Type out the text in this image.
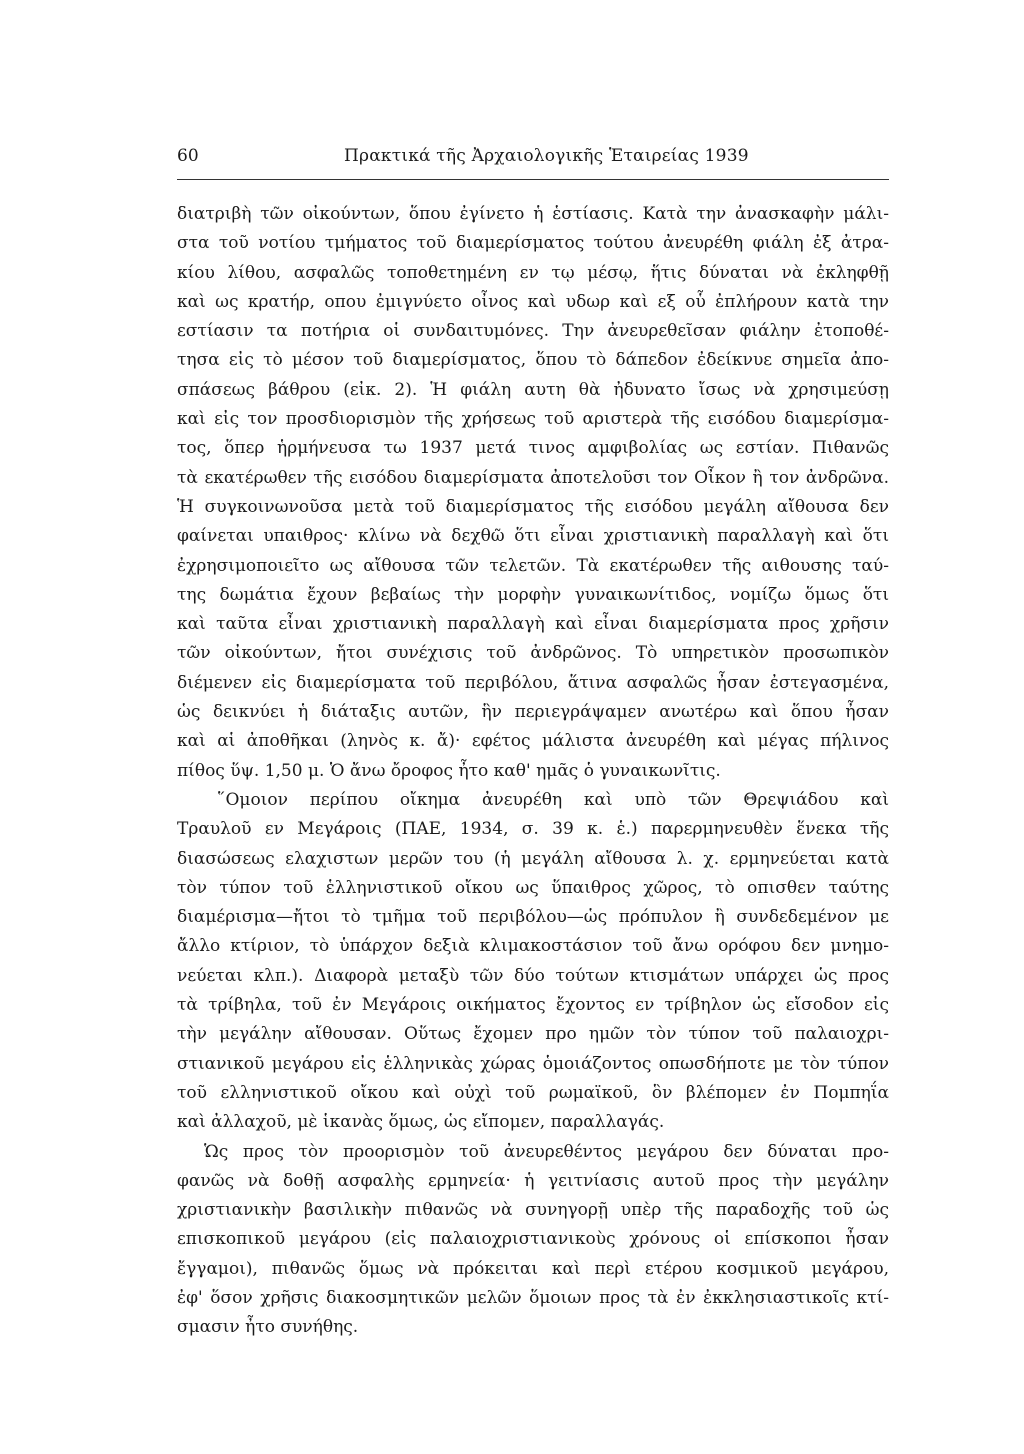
60	Πρακτικά τῆς Ἀρχαιολογικῆς Ἑταιρείας 1939
διατριβὴ τῶν οἰκούντων, ὅπου ἐγίνετο ἡ ἑστίασις. Κατὰ την ἀνασκαφὴν μάλι-
στα τοῦ νοτίου τμήματος τοῦ διαμερίσματος τούτου ἀνευρέθη φιάλη ἐξ ἀτρα-
κίου λίθου, ασφαλῶς τοποθετημένη εν τῳ μέσῳ, ἥτις δύναται νὰ ἐκληφθῇ
καὶ ως κρατήρ, οπου ἐμιγνύετο οἶνος καὶ υδωρ καὶ εξ οὗ ἐπλήρουν κατὰ την
εστίασιν τα ποτήρια οἱ συνδαιτυμόνες. Την ἀνευρεθεῖσαν φιάλην ἐτοποθέ-
τησα εἰς τὸ μέσον τοῦ διαμερίσματος, ὅπου τὸ δάπεδον ἐδείκνυε σημεῖα ἀπο-
σπάσεως βάθρου (εἰκ. 2). Ἡ φιάλη αυτη θὰ ἠδυνατο ἴσως νὰ χρησιμεύσῃ
καὶ εἰς τον προσδιορισμὸν τῆς χρήσεως τοῦ αριστερὰ τῆς εισόδου διαμερίσμα-
τος, ὅπερ ἡρμήνευσα τω 1937 μετά τινος αμφιβολίας ως εστίαν. Πιθανῶς
τὰ εκατέρωθεν τῆς εισόδου διαμερίσματα ἀποτελοῦσι τον Οἶκον ἢ τον ἀνδρῶνα.
Ἡ συγκοινωνοῦσα μετὰ τοῦ διαμερίσματος τῆς εισόδου μεγάλη αἴθουσα δεν
φαίνεται υπαιθρος· κλίνω νὰ δεχθῶ ὅτι εἶναι χριστιανικὴ παραλλαγὴ καὶ ὅτι
ἐχρησιμοποιεῖτο ως αἴθουσα τῶν τελετῶν. Τὰ εκατέρωθεν τῆς αιθουσης ταύ-
της δωμάτια ἔχουν βεβαίως τὴν μορφὴν γυναικωνίτιδος, νομίζω ὅμως ὅτι
καὶ ταῦτα εἶναι χριστιανικὴ παραλλαγὴ καὶ εἶναι διαμερίσματα προς χρῆσιν
τῶν οἰκούντων, ἤτοι συνέχισις τοῦ ἀνδρῶνος. Τὸ υπηρετικὸν προσωπικὸν
διέμενεν εἰς διαμερίσματα τοῦ περιβόλου, ἅτινα ασφαλῶς ἦσαν ἐστεγασμένα,
ὡς δεικνύει ἡ διάταξις αυτῶν, ἣν περιεγράψαμεν ανωτέρω καὶ ὅπου ἦσαν
καὶ αἱ ἀποθῆκαι (ληνὸς κ. ἄ)· εφέτος μάλιστα ἀνευρέθη καὶ μέγας πήλινος
πίθος ὕψ. 1,50 μ. Ὁ ἄνω ὄροφος ἦτο καθ' ημᾶς ὁ γυναικωνῖτις.
῞Ομοιον περίπου οἴκημα ἀνευρέθη καὶ υπὸ τῶν Θρεψιάδου καὶ
Τραυλοῦ εν Μεγάροις (ΠΑΕ, 1934, σ. 39 κ. ἑ.) παρερμηνευθὲν ἕνεκα τῆς
διασώσεως ελαχιστων μερῶν του (ἡ μεγάλη αἴθουσα λ. χ. ερμηνεύεται κατὰ
τὸν τύπον τοῦ ἑλληνιστικοῦ οἴκου ως ὕπαιθρος χῶρος, τὸ οπισθεν ταύτης
διαμέρισμα—ἤτοι τὸ τμῆμα τοῦ περιβόλου—ὡς πρόπυλον ἢ συνδεδεμένον με
ἄλλο κτίριον, τὸ ὑπάρχον δεξιὰ κλιμακοστάσιον τοῦ ἄνω ορόφου δεν μνημο-
νεύεται κλπ.). Διαφορὰ μεταξὺ τῶν δύο τούτων κτισμάτων υπάρχει ὡς προς
τὰ τρίβηλα, τοῦ ἐν Μεγάροις οικήματος ἔχοντος εν τρίβηλον ὡς εἴσοδον εἰς
τὴν μεγάλην αἴθουσαν. Οὕτως ἔχομεν προ ημῶν τὸν τύπον τοῦ παλαιοχρι-
στιανικοῦ μεγάρου εἰς ἑλληνικὰς χώρας ὁμοιάζοντος οπωσδήποτε με τὸν τύπον
τοῦ ελληνιστικοῦ οἴκου καὶ οὐχὶ τοῦ ρωμαϊκοῦ, ὃν βλέπομεν ἐν Πομπηΐα
καὶ ἀλλαχοῦ, μὲ ἱκανὰς ὅμως, ὡς εἴπομεν, παραλλαγάς.
Ὡς προς τὸν προορισμὸν τοῦ ἀνευρεθέντος μεγάρου δεν δύναται προ-
φανῶς νὰ δοθῇ ασφαλὴς ερμηνεία· ἡ γειτνίασις αυτοῦ προς τὴν μεγάλην
χριστιανικὴν βασιλικὴν πιθανῶς νὰ συνηγορῇ υπὲρ τῆς παραδοχῆς τοῦ ὡς
επισκοπικοῦ μεγάρου (εἰς παλαιοχριστιανικοὺς χρόνους οἱ επίσκοποι ἦσαν
ἔγγαμοι), πιθανῶς ὅμως νὰ πρόκειται καὶ περὶ ετέρου κοσμικοῦ μεγάρου,
ἐφ' ὅσον χρῆσις διακοσμητικῶν μελῶν ὅμοιων προς τὰ ἐν ἐκκλησιαστικοῖς κτί-
σμασιν ἦτο συνήθης.
